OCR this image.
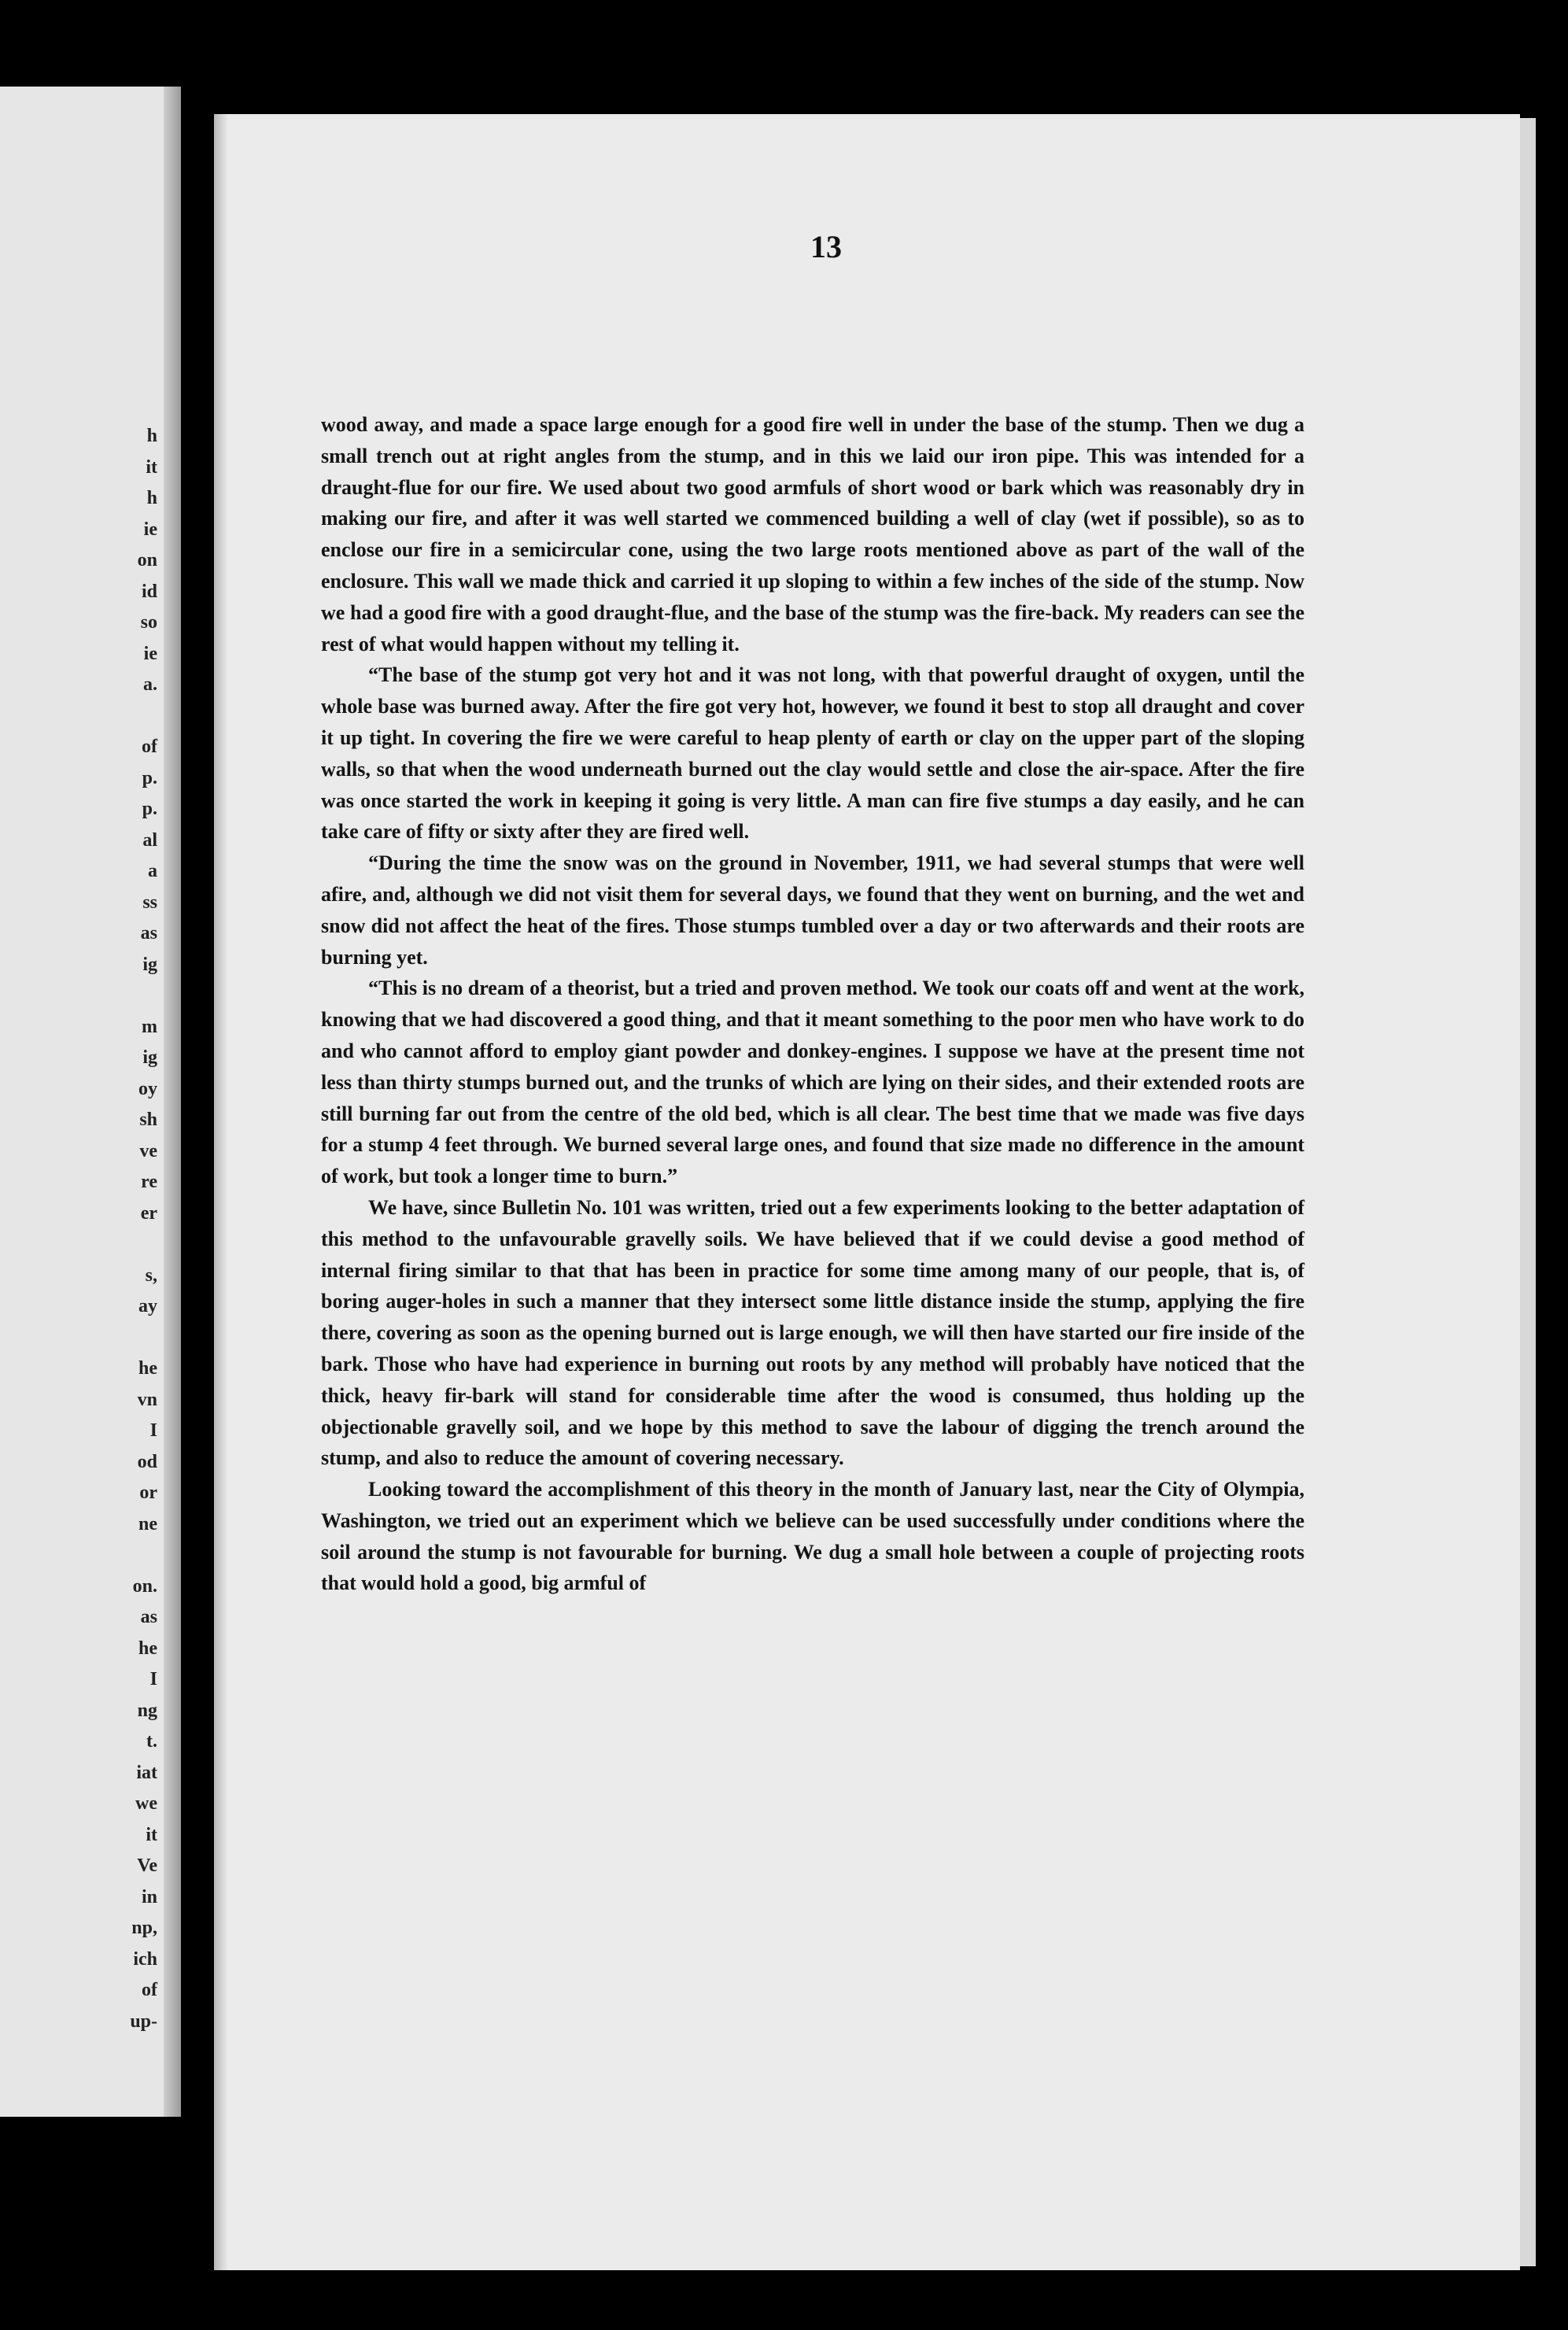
h
it
h
ie
on
id
so
ie
a.
of
p.
p.
al
a
ss
as
ig
m
ig
oy
sh
ve
re
er
s,
ay
he
vn
I
od
or
ne
on.
as
he
I
ng
t.
iat
we
it
Ve
in
np,
ich
of
up-
13

wood away, and made a space large enough for a good fire well in under the base of the stump. Then we dug a small trench out at right angles from the stump, and in this we laid our iron pipe. This was intended for a draught-flue for our fire. We used about two good armfuls of short wood or bark which was reasonably dry in making our fire, and after it was well started we commenced building a well of clay (wet if possible), so as to enclose our fire in a semicircular cone, using the two large roots mentioned above as part of the wall of the enclosure. This wall we made thick and carried it up sloping to within a few inches of the side of the stump. Now we had a good fire with a good draught-flue, and the base of the stump was the fire-back. My readers can see the rest of what would happen without my telling it.

“The base of the stump got very hot and it was not long, with that powerful draught of oxygen, until the whole base was burned away. After the fire got very hot, however, we found it best to stop all draught and cover it up tight. In covering the fire we were careful to heap plenty of earth or clay on the upper part of the sloping walls, so that when the wood underneath burned out the clay would settle and close the air-space. After the fire was once started the work in keeping it going is very little. A man can fire five stumps a day easily, and he can take care of fifty or sixty after they are fired well.

“During the time the snow was on the ground in November, 1911, we had several stumps that were well afire, and, although we did not visit them for several days, we found that they went on burning, and the wet and snow did not affect the heat of the fires. Those stumps tumbled over a day or two afterwards and their roots are burning yet.

“This is no dream of a theorist, but a tried and proven method. We took our coats off and went at the work, knowing that we had discovered a good thing, and that it meant something to the poor men who have work to do and who cannot afford to employ giant powder and donkey-engines. I suppose we have at the present time not less than thirty stumps burned out, and the trunks of which are lying on their sides, and their extended roots are still burning far out from the centre of the old bed, which is all clear. The best time that we made was five days for a stump 4 feet through. We burned several large ones, and found that size made no difference in the amount of work, but took a longer time to burn.”

We have, since Bulletin No. 101 was written, tried out a few experiments looking to the better adaptation of this method to the unfavourable gravelly soils. We have believed that if we could devise a good method of internal firing similar to that that has been in practice for some time among many of our people, that is, of boring auger-holes in such a manner that they intersect some little distance inside the stump, applying the fire there, covering as soon as the opening burned out is large enough, we will then have started our fire inside of the bark. Those who have had experience in burning out roots by any method will probably have noticed that the thick, heavy fir-bark will stand for considerable time after the wood is consumed, thus holding up the objectionable gravelly soil, and we hope by this method to save the labour of digging the trench around the stump, and also to reduce the amount of covering necessary.

Looking toward the accomplishment of this theory in the month of January last, near the City of Olympia, Washington, we tried out an experiment which we believe can be used successfully under conditions where the soil around the stump is not favourable for burning. We dug a small hole between a couple of projecting roots that would hold a good, big armful of
